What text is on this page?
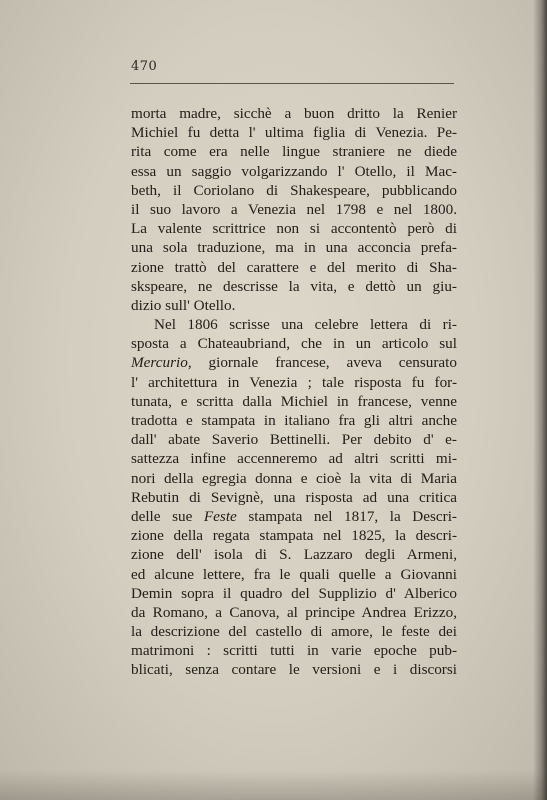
470
morta madre, sicchè a buon dritto la Renier
Michiel fu detta l' ultima figlia di Venezia. Pe-
rita come era nelle lingue straniere ne diede
essa un saggio volgarizzando l' Otello, il Mac-
beth, il Coriolano di Shakespeare, pubblicando
il suo lavoro a Venezia nel 1798 e nel 1800.
La valente scrittrice non si accontentò però di
una sola traduzione, ma in una acconcia prefa-
zione trattò del carattere e del merito di Sha-
skspeare, ne descrisse la vita, e dettò un giu-
dizio sull' Otello.
Nel 1806 scrisse una celebre lettera di ri-
sposta a Chateaubriand, che in un articolo sul
Mercurio, giornale francese, aveva censurato
l' architettura in Venezia ; tale risposta fu for-
tunata, e scritta dalla Michiel in francese, venne
tradotta e stampata in italiano fra gli altri anche
dall' abate Saverio Bettinelli. Per debito d' e-
sattezza infine accenneremo ad altri scritti mi-
nori della egregia donna e cioè la vita di Maria
Rebutin di Sevignè, una risposta ad una critica
delle sue Feste stampata nel 1817, la Descri-
zione della regata stampata nel 1825, la descri-
zione dell' isola di S. Lazzaro degli Armeni,
ed alcune lettere, fra le quali quelle a Giovanni
Demin sopra il quadro del Supplizio d' Alberico
da Romano, a Canova, al principe Andrea Erizzo,
la descrizione del castello di amore, le feste dei
matrimoni : scritti tutti in varie epoche pub-
blicati, senza contare le versioni e i discorsi
